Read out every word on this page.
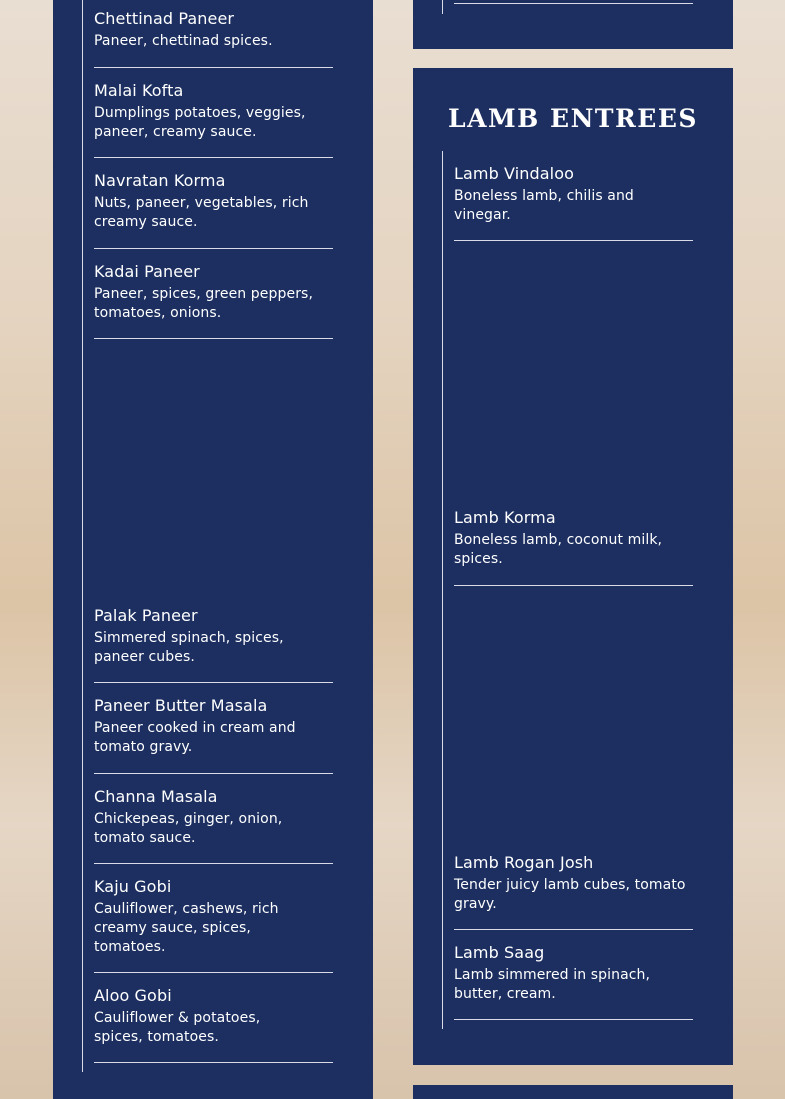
Chettinad Paneer
Paneer, chettinad spices.
Malai Kofta
Dumplings potatoes, veggies, paneer, creamy sauce.
Navratan Korma
Nuts, paneer, vegetables, rich creamy sauce.
Kadai Paneer
Paneer, spices, green peppers, tomatoes, onions.
Palak Paneer
Simmered spinach, spices, paneer cubes.
Paneer Butter Masala
Paneer cooked in cream and tomato gravy.
Channa Masala
Chickepeas, ginger, onion, tomato sauce.
Kaju Gobi
Cauliflower, cashews, rich creamy sauce, spices, tomatoes.
Aloo Gobi
Cauliflower & potatoes, spices, tomatoes.
LAMB ENTREES
Lamb Vindaloo
Boneless lamb, chilis and vinegar.
Lamb Korma
Boneless lamb, coconut milk, spices.
Lamb Rogan Josh
Tender juicy lamb cubes, tomato gravy.
Lamb Saag
Lamb simmered in spinach, butter, cream.
